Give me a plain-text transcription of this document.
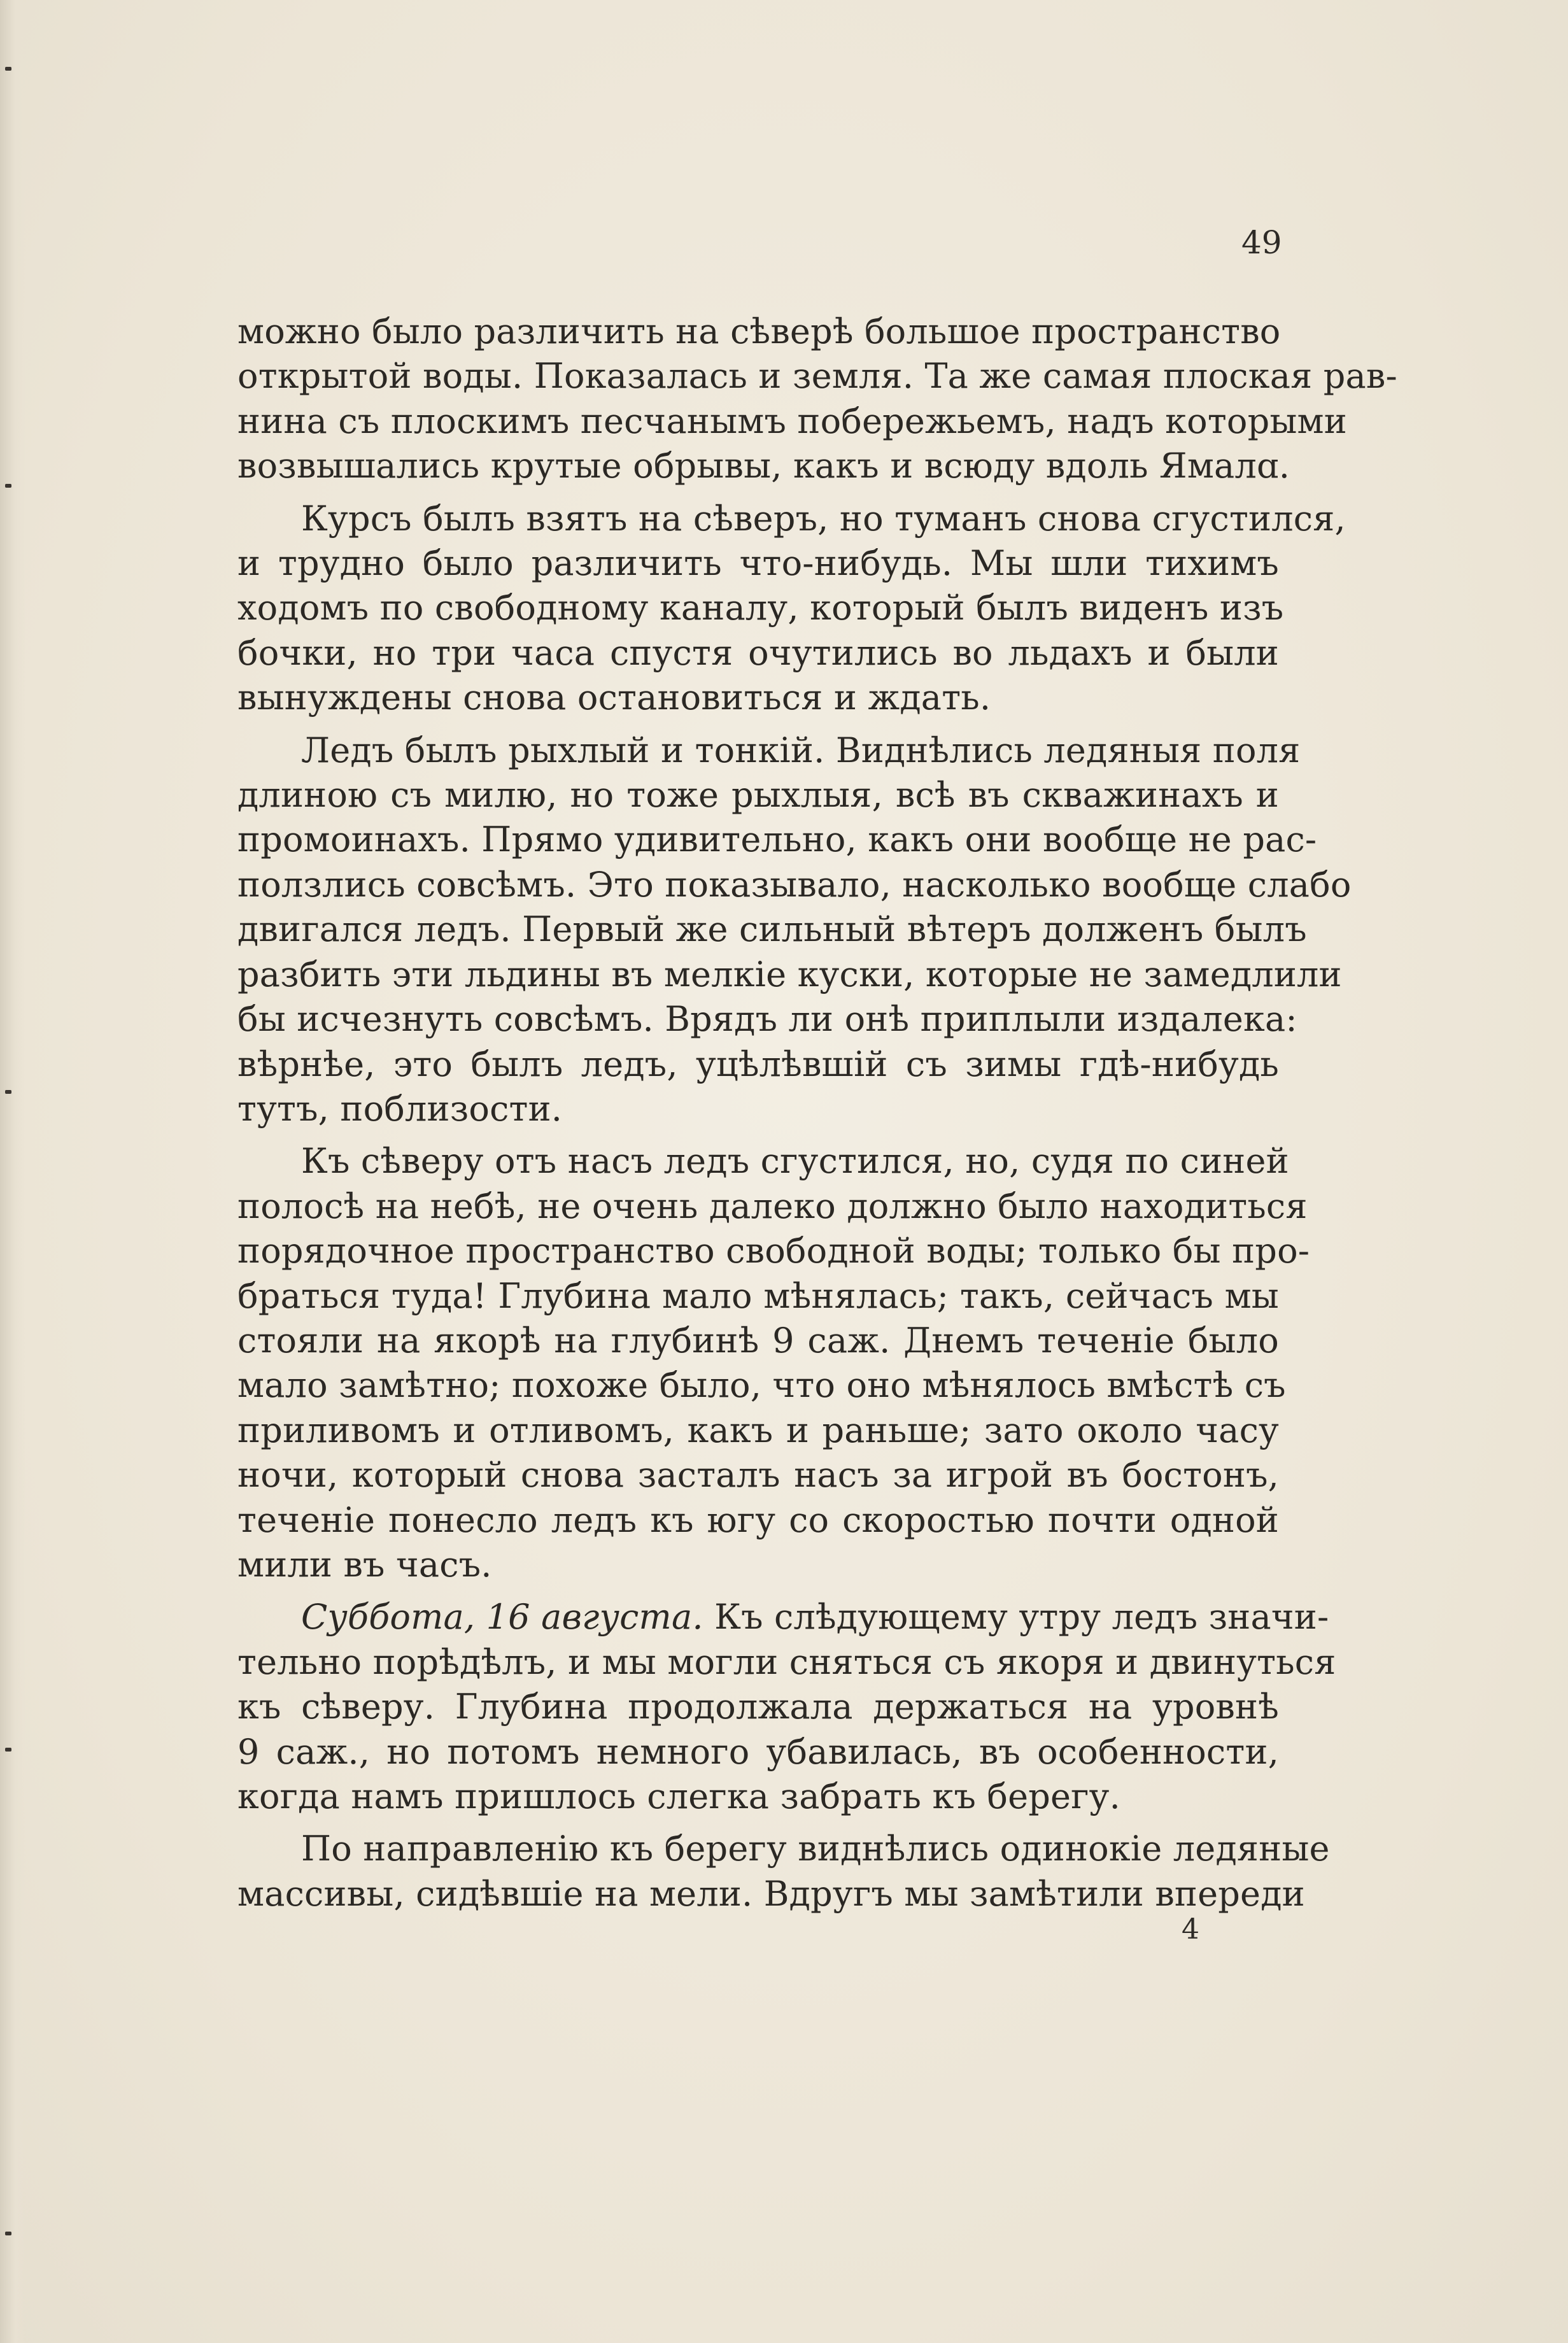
49
можно было различить на сѣверѣ большое пространство
открытой воды. Показалась и земля. Та же самая плоская рав-
нина съ плоскимъ песчанымъ побережьемъ, надъ которыми
возвышались крутые обрывы, какъ и всюду вдоль Ямалɑ.
Курсъ былъ взятъ на сѣверъ, но туманъ снова сгустился,
и трудно было различить что-нибудь. Мы шли тихимъ
ходомъ по свободному каналу, который былъ виденъ изъ
бочки, но три часа спустя очутились во льдахъ и были
вынуждены снова остановиться и ждать.
Ледъ былъ рыхлый и тонкій. Виднѣлись ледяныя поля
длиною съ милю, но тоже рыхлыя, всѣ въ скважинахъ и
промоинахъ. Прямо удивительно, какъ они вообще не рас-
ползлись совсѣмъ. Это показывало, насколько вообще слабо
двигался ледъ. Первый же сильный вѣтеръ долженъ былъ
разбить эти льдины въ мелкіе куски, которые не замедлили
бы исчезнуть совсѣмъ. Врядъ ли онѣ приплыли издалека:
вѣрнѣе, это былъ ледъ, уцѣлѣвшій съ зимы гдѣ-нибудь
тутъ, поблизости.
Къ сѣверу отъ насъ ледъ сгустился, но, судя по синей
полосѣ на небѣ, не очень далеко должно было находиться
порядочное пространство свободной воды; только бы про-
браться туда! Глубина мало мѣнялась; такъ, сейчасъ мы
стояли на якорѣ на глубинѣ 9 саж. Днемъ теченіе было
мало замѣтно; похоже было, что оно мѣнялось вмѣстѣ съ
приливомъ и отливомъ, какъ и раньше; зато около часу
ночи, который снова засталъ насъ за игрой въ бостонъ,
теченіе понесло ледъ къ югу со скоростью почти одной
мили въ часъ.
Суббота, 16 августа. Къ слѣдующему утру ледъ значи-
тельно порѣдѣлъ, и мы могли сняться съ якоря и двинуться
къ сѣверу. Глубина продолжала держаться на уровнѣ
9 саж., но потомъ немного убавилась, въ особенности,
когда намъ пришлось слегка забрать къ берегу.
По направленію къ берегу виднѣлись одинокіе ледяные
массивы, сидѣвшіе на мели. Вдругъ мы замѣтили впереди
4
